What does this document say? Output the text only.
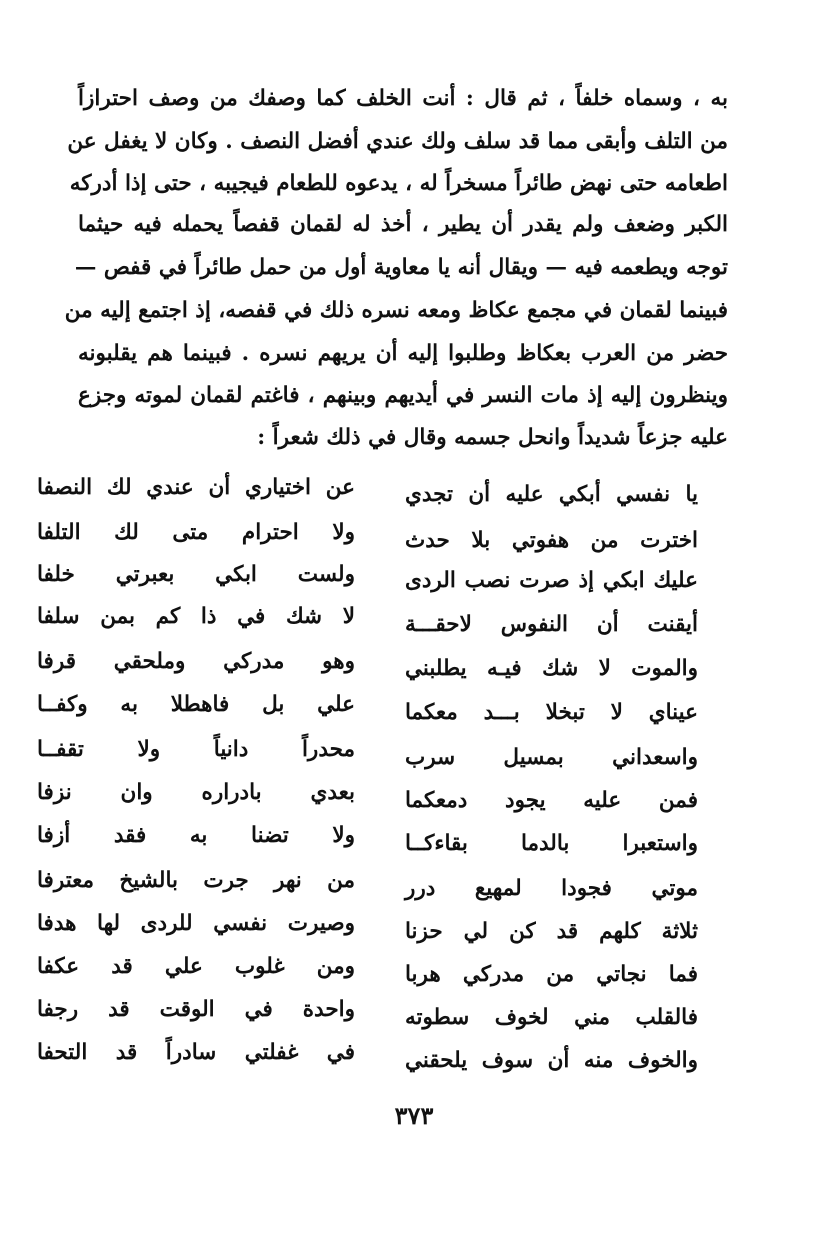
به ، وسماه خلفاً ، ثم قال : أنت الخلف كما وصفك من وصف احترازاً
من التلف وأبقى مما قد سلف ولك عندي أفضل النصف . وكان لا يغفل عن
اطعامه حتى نهض طائراً مسخراً له ، يدعوه للطعام فيجيبه ، حتى إذا أدركه
الكبر وضعف ولم يقدر أن يطير ، أخذ له لقمان قفصاً يحمله فيه حيثما
توجه ويطعمه فيه — ويقال أنه يا معاوية أول من حمل طائراً في قفص —
فبينما لقمان في مجمع عكاظ ومعه نسره ذلك في قفصه، إذ اجتمع إليه من
حضر من العرب بعكاظ وطلبوا إليه أن يريهم نسره . فبينما هم يقلبونه
وينظرون إليه إذ مات النسر في أيديهم وبينهم ، فاغتم لقمان لموته وجزع
عليه جزعاً شديداً وانحل جسمه وقال في ذلك شعراً :
يا نفسي أبكي عليه أن تجدي
عن اختياري أن عندي لك النصفا
اخترت من هفوتي بلا حدث
ولا احترام متى لك التلفا
عليك ابكي إذ صرت نصب الردى
ولست ابكي بعبرتي خلفا
أيقنت أن النفوس لاحقـــة
لا شك في ذا كم بمن سلفا
والموت لا شك فيـه يطلبني
وهو مدركي وملحقي قرفا
عيناي لا تبخلا بـــد معكما
علي بل فاهطلا به وكفــا
واسعداني بمسيل سرب
محدراً دانياً ولا تقفــا
فمن عليه يجود دمعكما
بعدي بادراره وان نزفا
واستعبرا بالدما بقاءكــا
ولا تضنا به فقد أزفا
موتي فجودا لمهيع درر
من نهر جرت بالشيخ معترفا
ثلاثة كلهم قد كن لي حزنا
وصيرت نفسي للردى لها هدفا
فما نجاتي من مدركي هربا
ومن غلوب علي قد عكفا
فالقلب مني لخوف سطوته
واحدة في الوقت قد رجفا
والخوف منه أن سوف يلحقني
في غفلتي سادراً قد التحفا
٣٧٣
